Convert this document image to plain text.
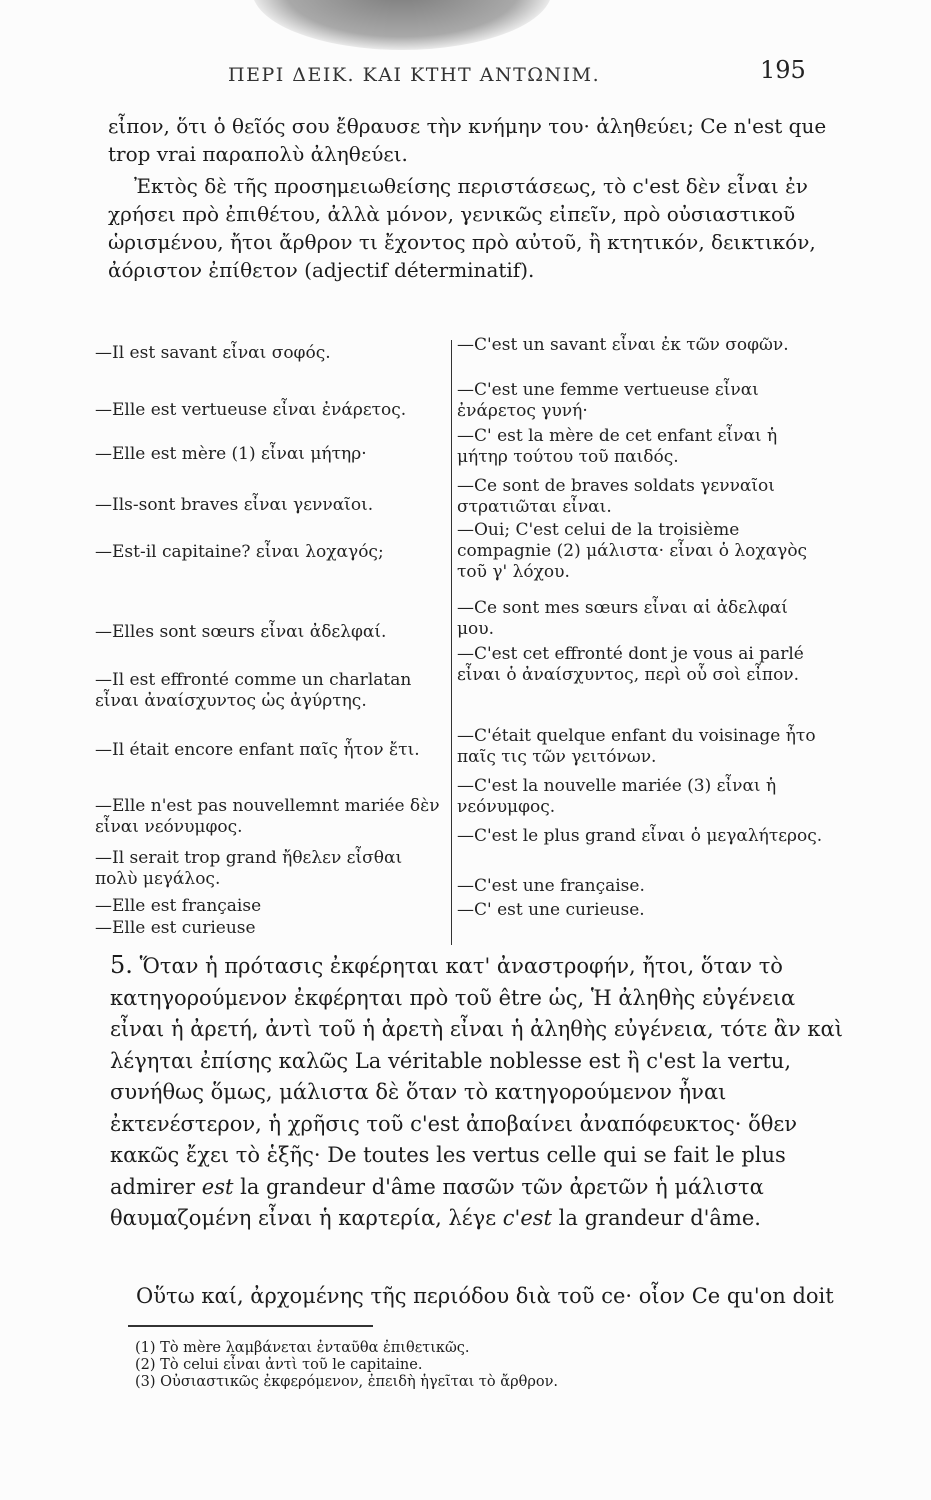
ΠΕΡΙ ΔΕΙΚ. ΚΑΙ ΚΤΗΤ ΑΝΤΩΝΙΜ.	195

εἶπον, ὅτι ὁ θεῖός σου ἔθραυσε τὴν κνήμην του· ἀληθεύει; Ce n'est que trop vrai παραπολὺ ἀληθεύει.

Ἐκτὸς δὲ τῆς προσημειωθείσης περιστάσεως, τὸ c'est δὲν εἶναι ἐν χρήσει πρὸ ἐπιθέτου, ἀλλὰ μόνον, γενικῶς εἰπεῖν, πρὸ οὐσιαστικοῦ ὡρισμένου, ἤτοι ἄρθρον τι ἔχοντος πρὸ αὐτοῦ, ἢ κτητικόν, δεικτικόν, ἀόριστον ἐπίθετον (adjectif déterminatif).

—Il est savant εἶναι σοφός.

—Elle est vertueuse εἶναι ἐνάρετος.

—Elle est mère (1) εἶναι μήτηρ·

—Ils-sont braves εἶναι γενναῖοι.

—Est-il capitaine? εἶναι λοχαγός;

—Elles sont sœurs εἶναι ἀδελφαί.

—Il est effronté comme un charlatan εἶναι ἀναίσχυντος ὡς ἀγύρτης.

—Il était encore enfant παῖς ἦτον ἔτι.

—Elle n'est pas nouvellemnt mariée δὲν εἶναι νεόνυμφος.

—Il serait trop grand ἤθελεν εἶσθαι πολὺ μεγάλος.

—Elle est française

—Elle est curieuse

—C'est un savant εἶναι ἐκ τῶν σοφῶν.

—C'est une femme vertueuse εἶναι ἐνάρετος γυνή·

—C' est la mère de cet enfant εἶναι ἡ μήτηρ τούτου τοῦ παιδός.

—Ce sont de braves soldats γενναῖοι στρατιῶται εἶναι.

—Oui; C'est celui de la troisième compagnie (2) μάλιστα· εἶναι ὁ λοχαγὸς τοῦ γ' λόχου.

—Ce sont mes sœurs εἶναι αἱ ἀδελφαί μου.

—C'est cet effronté dont je vous ai parlé εἶναι ὁ ἀναίσχυντος, περὶ οὗ σοὶ εἶπον.

—C'était quelque enfant du voisinage ἦτο παῖς τις τῶν γειτόνων.

—C'est la nouvelle mariée (3) εἶναι ἡ νεόνυμφος.

—C'est le plus grand εἶναι ὁ μεγαλήτερος.

—C'est une française.

—C' est une curieuse.

5. Ὅταν ἡ πρότασις ἐκφέρηται κατ' ἀναστροφήν, ἤτοι, ὅταν τὸ κατηγορούμενον ἐκφέρηται πρὸ τοῦ être ὡς, Ἡ ἀληθὴς εὐγένεια εἶναι ἡ ἀρετή, ἀντὶ τοῦ ἡ ἀρετὴ εἶναι ἡ ἀληθὴς εὐγένεια, τότε ἂν καὶ λέγηται ἐπίσης καλῶς La véritable noblesse est ἢ c'est la vertu, συνήθως ὅμως, μάλιστα δὲ ὅταν τὸ κατηγορούμενον ἦναι ἐκτενέστερον, ἡ χρῆσις τοῦ c'est ἀποβαίνει ἀναπόφευκτος· ὅθεν κακῶς ἔχει τὸ ἑξῆς· De toutes les vertus celle qui se fait le plus admirer est la grandeur d'âme πασῶν τῶν ἀρετῶν ἡ μάλιστα θαυμαζομένη εἶναι ἡ καρτερία, λέγε c'est la grandeur d'âme.

Οὕτω καί, ἀρχομένης τῆς περιόδου διὰ τοῦ ce· οἷον Ce qu'on doit

(1) Τὸ mère λαμβάνεται ἐνταῦθα ἐπιθετικῶς.

(2) Τὸ celui εἶναι ἀντὶ τοῦ le capitaine.

(3) Οὐσιαστικῶς ἐκφερόμενον, ἐπειδὴ ἡγεῖται τὸ ἄρθρον.
